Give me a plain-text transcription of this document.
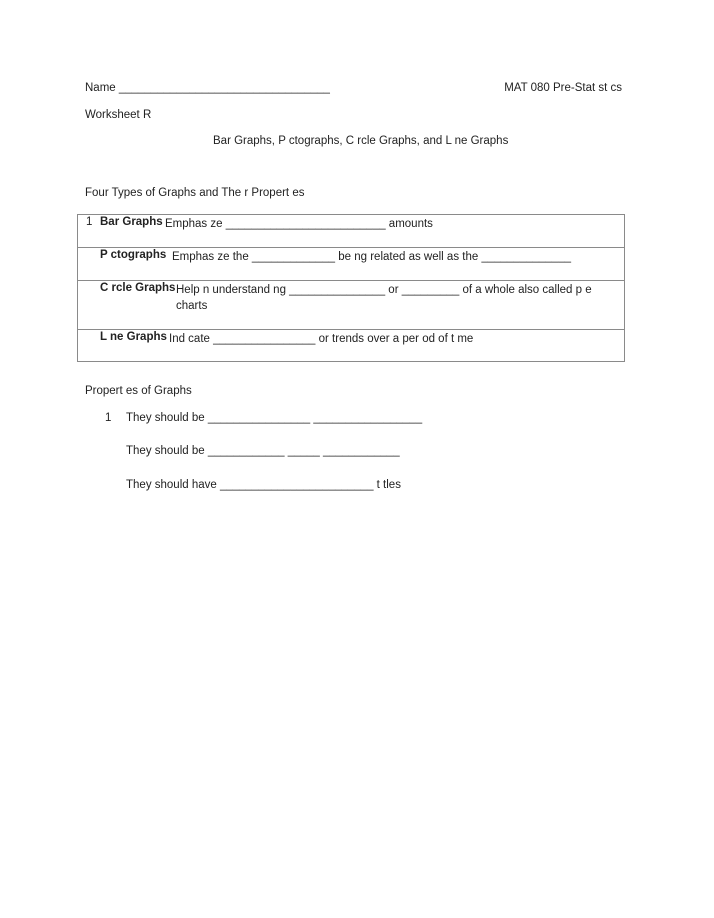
Name _________________________________	MAT 080 Pre-Stat st cs
Worksheet R
Bar Graphs, P ctographs, C rcle Graphs, and L ne Graphs
Four Types of Graphs and The r Propert es
1 Bar Graphs Emphas ze _________________________ amounts

P ctographs Emphas ze the _____________ be ng related as well as the ______________

C rcle Graphs Help n understand ng _______________ or _________ of a whole also called p e
charts

L ne Graphs Ind cate ________________ or trends over a per od of t me
Propert es of Graphs
1 They should be ________________ _________________
They should be ____________ _____ ____________
They should have ________________________ t tles
